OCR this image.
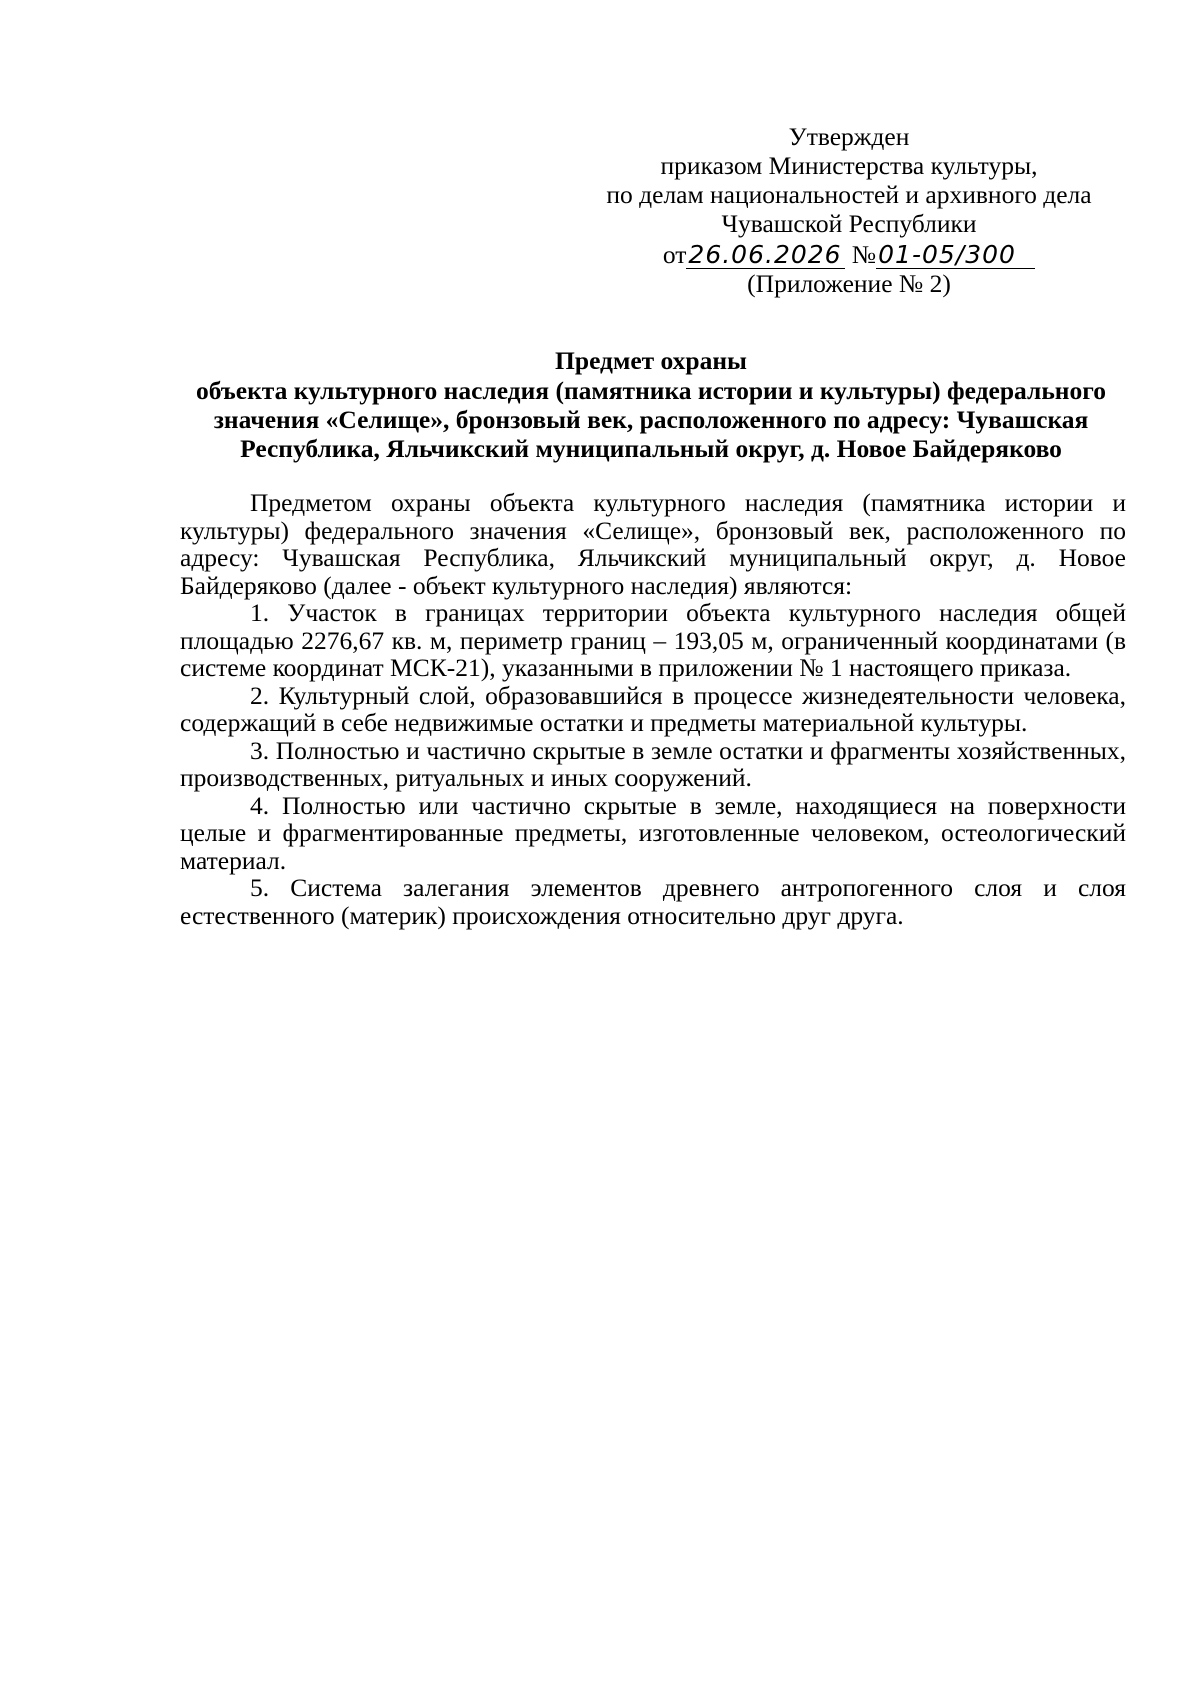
Утвержден
приказом Министерства культуры,
по делам национальностей и архивного дела
Чувашской Республики
от26.06.2026 №01-05/300
(Приложение № 2)
Предмет охраны
объекта культурного наследия (памятника истории и культуры) федерального значения «Селище», бронзовый век, расположенного по адресу: Чувашская Республика, Яльчикский муниципальный округ, д. Новое Байдеряково

Предметом охраны объекта культурного наследия (памятника истории и культуры) федерального значения «Селище», бронзовый век, расположенного по адресу: Чувашская Республика, Яльчикский муниципальный округ, д. Новое Байдеряково (далее - объект культурного наследия) являются:

1. Участок в границах территории объекта культурного наследия общей площадью 2276,67 кв. м, периметр границ – 193,05 м, ограниченный координатами (в системе координат МСК-21), указанными в приложении № 1 настоящего приказа.

2. Культурный слой, образовавшийся в процессе жизнедеятельности человека, содержащий в себе недвижимые остатки и предметы материальной культуры.

3. Полностью и частично скрытые в земле остатки и фрагменты хозяйственных, производственных, ритуальных и иных сооружений.

4. Полностью или частично скрытые в земле, находящиеся на поверхности целые и фрагментированные предметы, изготовленные человеком, остеологический материал.

5. Система залегания элементов древнего антропогенного слоя и слоя естественного (материк) происхождения относительно друг друга.
